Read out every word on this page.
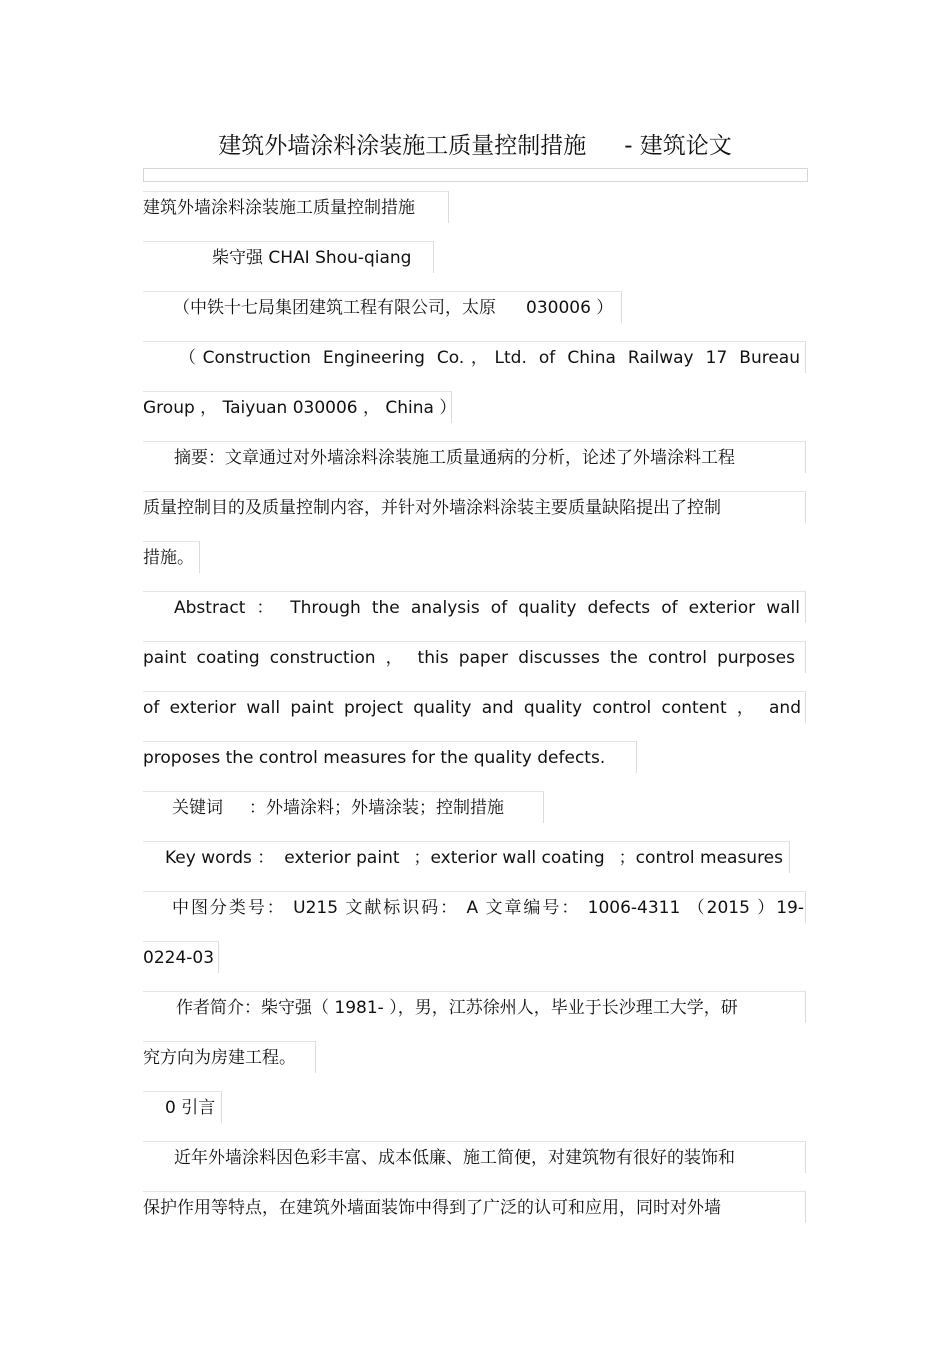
建筑外墙涂料涂装施工质量控制措施 - 建筑论文
建筑外墙涂料涂装施工质量控制措施
柴守强 CHAI Shou-qiang
（中铁十七局集团建筑工程有限公司，太原 030006 ）
（Construction Engineering Co.，Ltd. of China Railway 17 Bureau
Group ， Taiyuan 030006 ， China ）
摘要：文章通过对外墙涂料涂装施工质量通病的分析，论述了外墙涂料工程
质量控制目的及质量控制内容，并针对外墙涂料涂装主要质量缺陷提出了控制
措施。
Abstract ： Through the analysis of quality defects of exterior wall
paint coating construction ， this paper discusses the control purposes
of exterior wall paint project quality and quality control content ， and
proposes the control measures for the quality defects.
关键词 ：外墙涂料；外墙涂装；控制措施
Key words ： exterior paint ；exterior wall coating ；control measures
中图分类号： U215 文献标识码： A 文章编号： 1006-4311 （2015 ）19-
0224-03
作者简介：柴守强（ 1981- ），男，江苏徐州人，毕业于长沙理工大学，研
究方向为房建工程。
0 引言
近年外墙涂料因色彩丰富、成本低廉、施工简便，对建筑物有很好的装饰和
保护作用等特点，在建筑外墙面装饰中得到了广泛的认可和应用，同时对外墙
